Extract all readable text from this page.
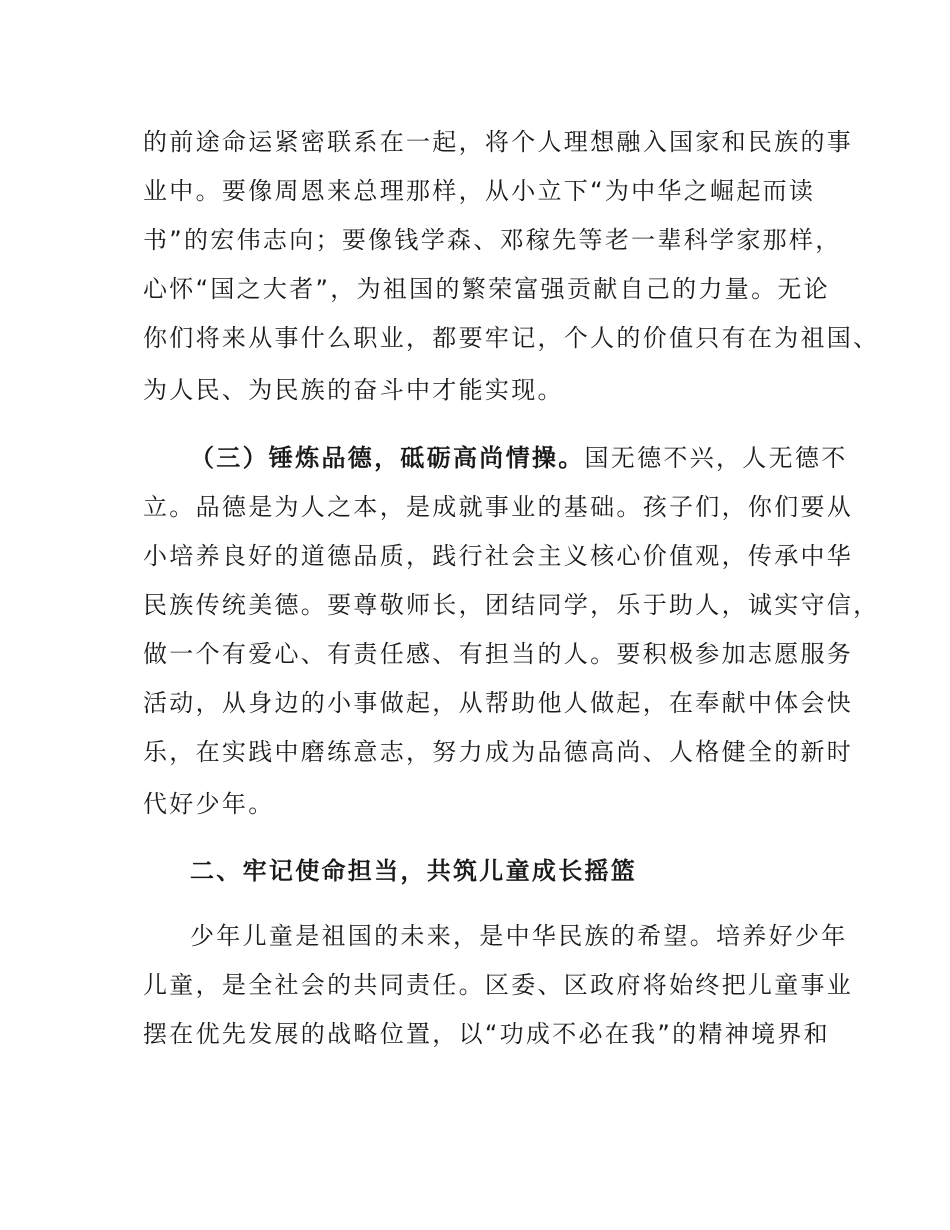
的前途命运紧密联系在一起，将个人理想融入国家和民族的事
业中。要像周恩来总理那样，从小立下“为中华之崛起而读
书”的宏伟志向；要像钱学森、邓稼先等老一辈科学家那样，
心怀“国之大者”，为祖国的繁荣富强贡献自己的力量。无论
你们将来从事什么职业，都要牢记，个人的价值只有在为祖国、
为人民、为民族的奋斗中才能实现。
（三）锤炼品德，砥砺高尚情操。国无德不兴，人无德不
立。品德是为人之本，是成就事业的基础。孩子们，你们要从
小培养良好的道德品质，践行社会主义核心价值观，传承中华
民族传统美德。要尊敬师长，团结同学，乐于助人，诚实守信，
做一个有爱心、有责任感、有担当的人。要积极参加志愿服务
活动，从身边的小事做起，从帮助他人做起，在奉献中体会快
乐，在实践中磨练意志，努力成为品德高尚、人格健全的新时
代好少年。
二、牢记使命担当，共筑儿童成长摇篮
少年儿童是祖国的未来，是中华民族的希望。培养好少年
儿童，是全社会的共同责任。区委、区政府将始终把儿童事业
摆在优先发展的战略位置，以“功成不必在我”的精神境界和
